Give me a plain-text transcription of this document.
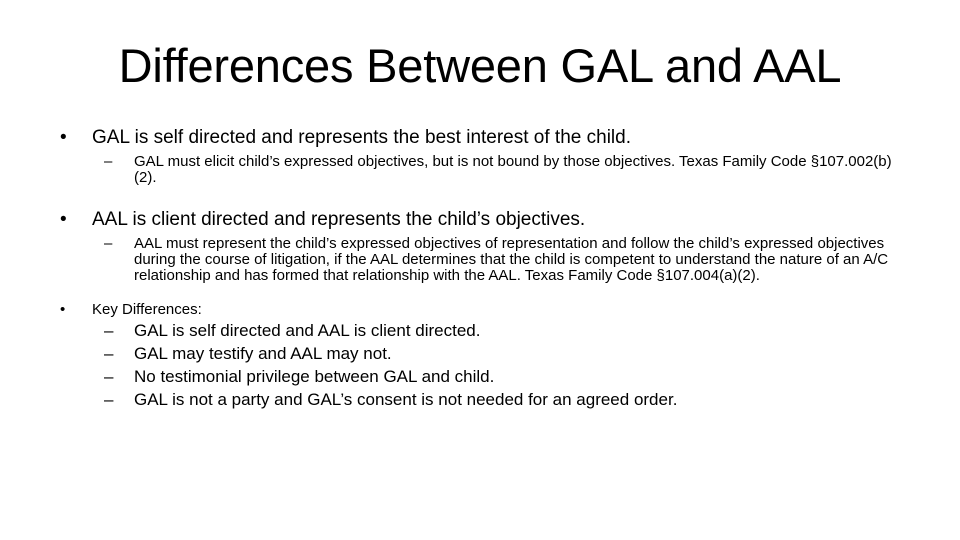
Differences Between GAL and AAL
• GAL is self directed and represents the best interest of the child.
– GAL must elicit child’s expressed objectives, but is not bound by those objectives. Texas Family Code §107.002(b)(2).
• AAL is client directed and represents the child’s objectives.
– AAL must represent the child’s expressed objectives of representation and follow the child’s expressed objectives during the course of litigation, if the AAL determines that the child is competent to understand the nature of an A/C relationship and has formed that relationship with the AAL. Texas Family Code §107.004(a)(2).
• Key Differences:
– GAL is self directed and AAL is client directed.
– GAL may testify and AAL may not.
– No testimonial privilege between GAL and child.
– GAL is not a party and GAL’s consent is not needed for an agreed order.
